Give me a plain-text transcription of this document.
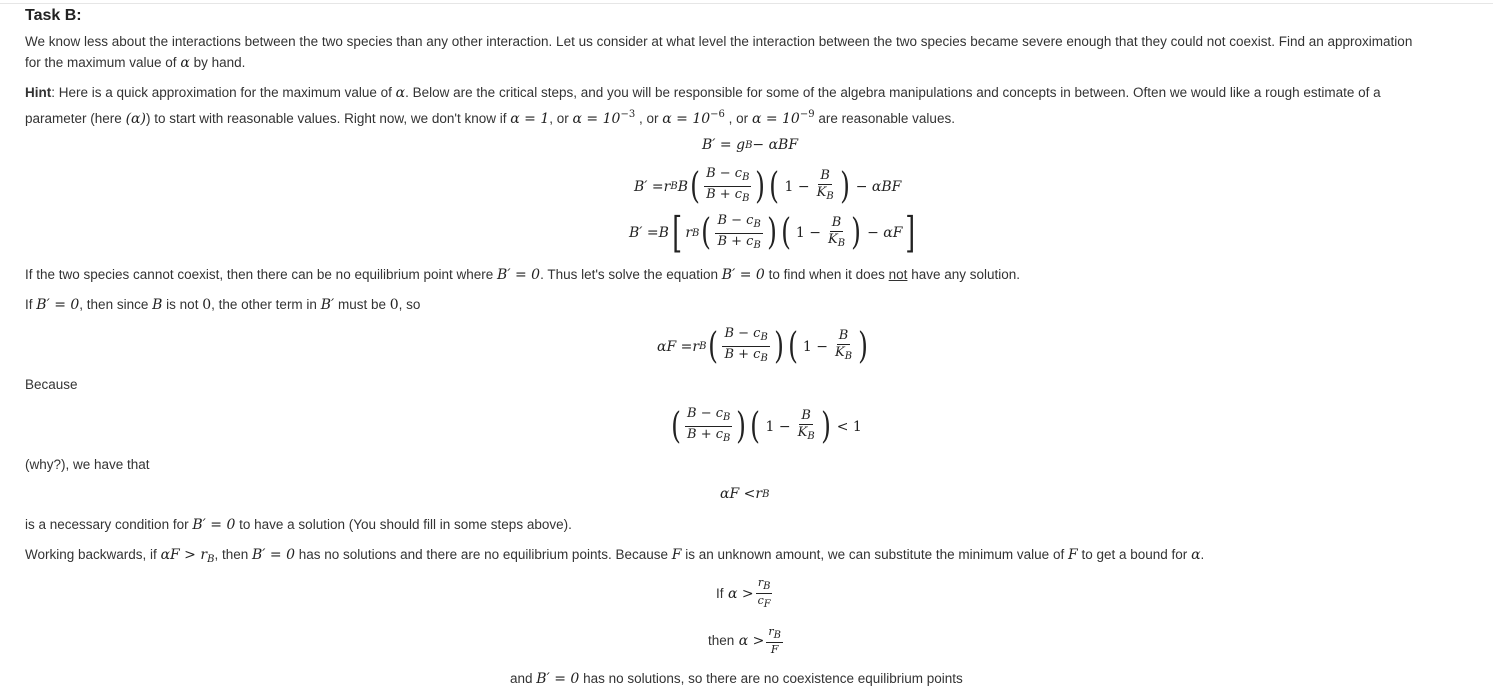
Task B:
We know less about the interactions between the two species than any other interaction. Let us consider at what level the interaction between the two species became severe enough that they could not coexist. Find an approximation
for the maximum value of α by hand.
Hint: Here is a quick approximation for the maximum value of α. Below are the critical steps, and you will be responsible for some of the algebra manipulations and concepts in between. Often we would like a rough estimate of a
parameter (here (α)) to start with reasonable values. Right now, we don't know if α = 1, or $\alpha = 10^{-3}$ , or $\alpha = 10^{-6}$ , or $\alpha = 10^{-9}$ are reasonable values.
B′ = g B − αBF
B′ = r B B ( $\frac{B - c_B}{B + c_B}$ ) ( $1 - \frac{B}{K_B}$ ) − αBF
B′ = B [ r B ( $\frac{B - c_B}{B + c_B}$ ) ( $1 - \frac{B}{K_B}$ ) − αF ]
If the two species cannot coexist, then there can be no equilibrium point where B′ = 0. Thus let's solve the equation B′ = 0 to find when it does not have any solution.
If B′ = 0, then since B is not 0, the other term in B′ must be 0, so
αF = r B ( $\frac{B - c_B}{B + c_B}$ ) ( $1 - \frac{B}{K_B}$ )
Because
( $\frac{B - c_B}{B + c_B}$ ) ( $1 - \frac{B}{K_B}$ ) < 1
(why?), we have that
αF < r B
is a necessary condition for B′ = 0 to have a solution (You should fill in some steps above).
Working backwards, if $\alpha F > r_B$, then B′ = 0 has no solutions and there are no equilibrium points. Because F is an unknown amount, we can substitute the minimum value of F to get a bound for α.
If
$\alpha > \frac{rB}{cF}$
then
$\alpha > \frac{rB}{F}$
and B′ = 0 has no solutions, so there are no coexistence equilibrium points
